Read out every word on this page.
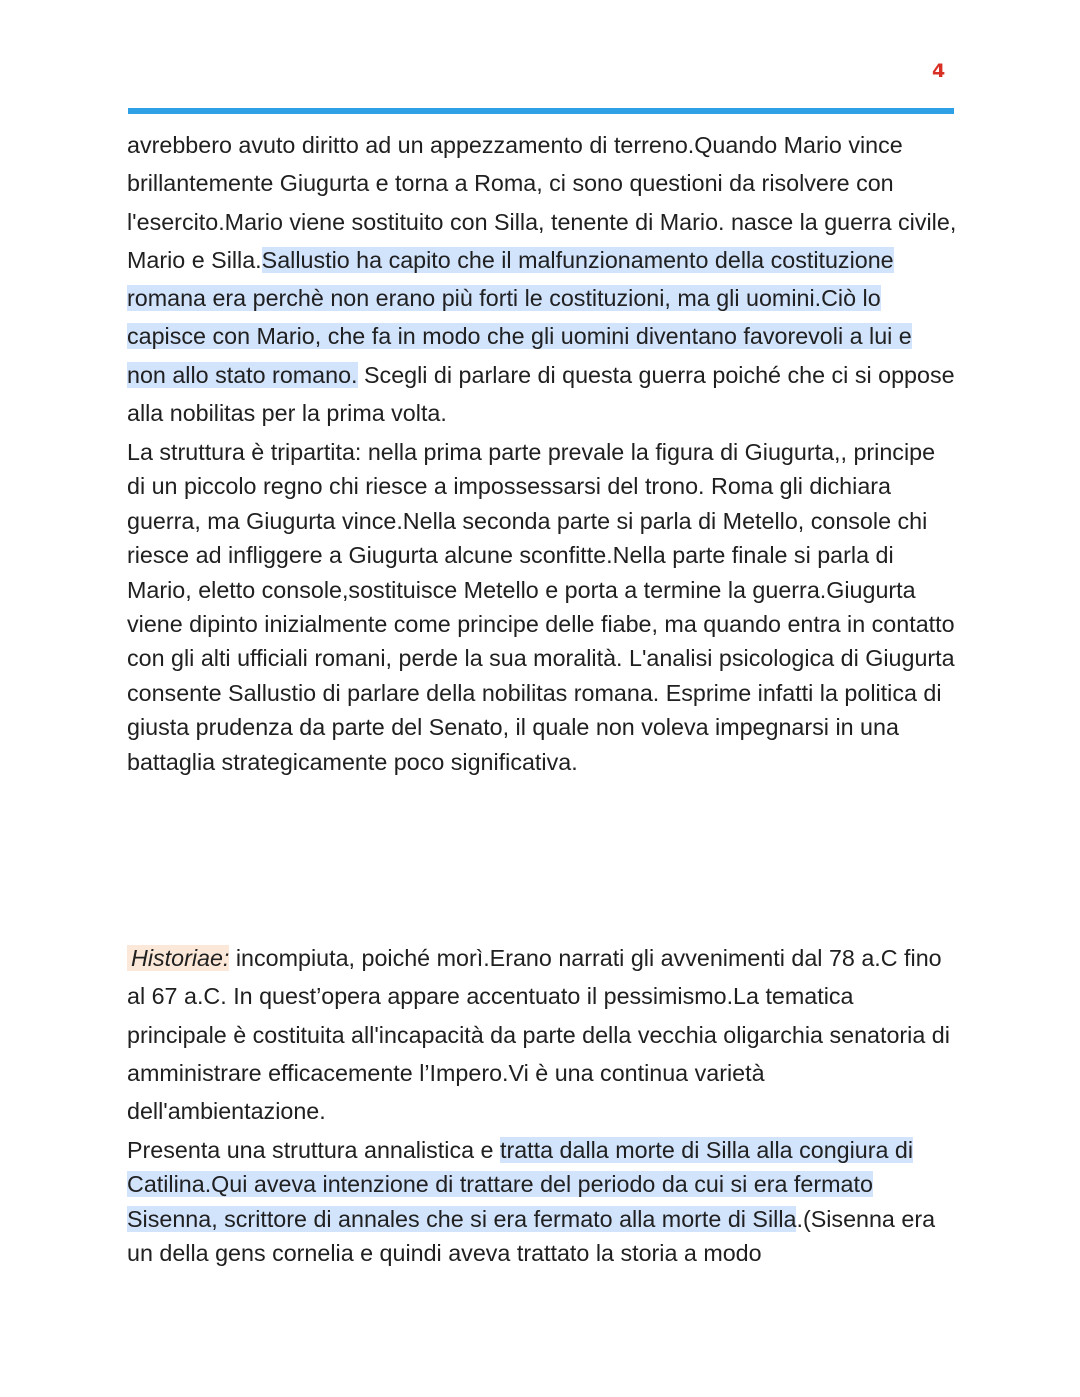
4

avrebbero avuto diritto ad un appezzamento di terreno.Quando Mario vince brillantemente Giugurta e torna a Roma, ci sono questioni da risolvere con l'esercito.Mario viene sostituito con Silla, tenente di Mario. nasce la guerra civile, Mario e Silla.Sallustio ha capito che il malfunzionamento della costituzione romana era perchè non erano più forti le costituzioni, ma gli uomini.Ciò lo capisce con Mario, che fa in modo che gli uomini diventano favorevoli a lui e non allo stato romano. Scegli di parlare di questa guerra poiché che ci si oppose alla nobilitas per la prima volta.

La struttura è tripartita: nella prima parte prevale la figura di Giugurta,, principe di un piccolo regno chi riesce a impossessarsi del trono. Roma gli dichiara guerra, ma Giugurta vince.Nella seconda parte si parla di Metello, console chi riesce ad infliggere a Giugurta alcune sconfitte.Nella parte finale si parla di Mario, eletto console,sostituisce Metello e porta a termine la guerra.Giugurta viene dipinto inizialmente come principe delle fiabe, ma quando entra in contatto con gli alti ufficiali romani, perde la sua moralità. L'analisi psicologica di Giugurta consente Sallustio di parlare della nobilitas romana. Esprime infatti la politica di giusta prudenza da parte del Senato, il quale non voleva impegnarsi in una battaglia strategicamente poco significativa.

Historiae: incompiuta, poiché morì.Erano narrati gli avvenimenti dal 78 a.C fino al 67 a.C. In quest’opera appare accentuato il pessimismo.La tematica principale è costituita all'incapacità da parte della vecchia oligarchia senatoria di amministrare efficacemente l’Impero.Vi è una continua varietà dell'ambientazione.

Presenta una struttura annalistica e tratta dalla morte di Silla alla congiura di Catilina.Qui aveva intenzione di trattare del periodo da cui si era fermato Sisenna, scrittore di annales che si era fermato alla morte di Silla.(Sisenna era un della gens cornelia e quindi aveva trattato la storia a modo
